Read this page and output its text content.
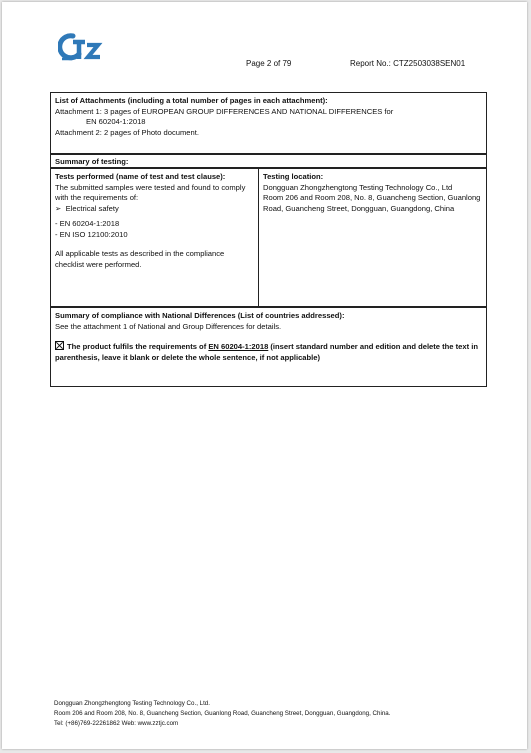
Page 2 of 79	Report No.: CTZ2503038SEN01
List of Attachments (including a total number of pages in each attachment):
Attachment 1: 3 pages of EUROPEAN GROUP DIFFERENCES AND NATIONAL DIFFERENCES for
EN 60204-1:2018
Attachment 2: 2 pages of Photo document.
Summary of testing:
Tests performed (name of test and test clause):
The submitted samples were tested and found to comply with the requirements of:
➢ Electrical safety
- EN 60204-1:2018
- EN ISO 12100:2010
All applicable tests as described in the compliance checklist were performed.
Testing location:
Dongguan Zhongzhengtong Testing Technology Co., Ltd
Room 206 and Room 208, No. 8, Guancheng Section, Guanlong Road, Guancheng Street, Dongguan, Guangdong, China
Summary of compliance with National Differences (List of countries addressed):
See the attachment 1 of National and Group Differences for details.
The product fulfils the requirements of EN 60204-1:2018 (insert standard number and edition and delete the text in parenthesis, leave it blank or delete the whole sentence, if not applicable)
Dongguan Zhongzhengtong Testing Technology Co., Ltd.
Room 206 and Room 208, No. 8, Guancheng Section, Guanlong Road, Guancheng Street, Dongguan, Guangdong, China.
Tel: (+86)769-22261862 Web: www.zztjc.com
